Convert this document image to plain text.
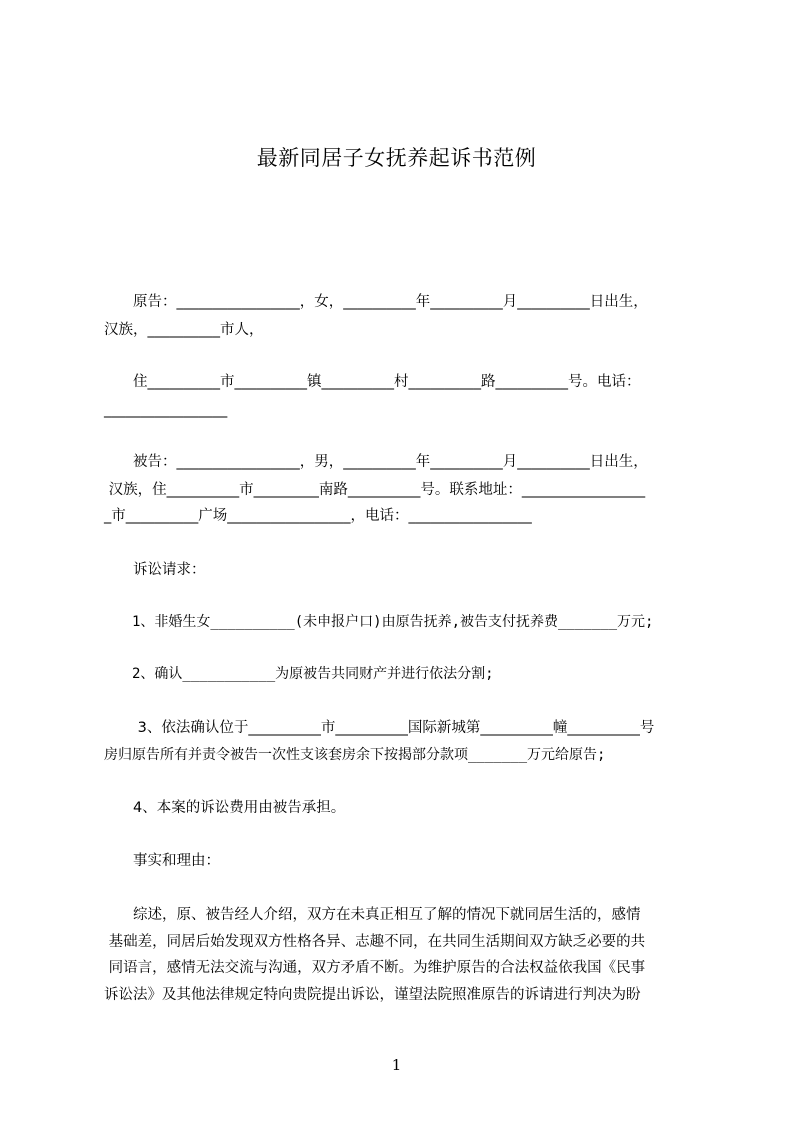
最新同居子女抚养起诉书范例
　　原告：_________________，女，__________年__________月__________日出生，
汉族，__________市人，
　　住__________市__________镇__________村__________路__________号。电话：
_________________
　　被告：_________________，男，__________年__________月__________日出生，
汉族，住__________市_________南路__________号。联系地址：_________________
_市__________广场_________________，电话：_________________
　　诉讼请求：
　　1、非婚生女__________(未申报户口)由原告抚养,被告支付抚养费_______万元;
　　2、确认___________为原被告共同财产并进行依法分割;
　　3、依法确认位于__________市__________国际新城第__________幢__________号
房归原告所有并责令被告一次性支该套房余下按揭部分款项_______万元给原告;
　　4、本案的诉讼费用由被告承担。
　　事实和理由：
　　综述，原、被告经人介绍，双方在未真正相互了解的情况下就同居生活的，感情
基础差，同居后始发现双方性格各异、志趣不同，在共同生活期间双方缺乏必要的共
同语言，感情无法交流与沟通，双方矛盾不断。为维护原告的合法权益依我国《民事
诉讼法》及其他法律规定特向贵院提出诉讼，谨望法院照准原告的诉请进行判决为盼
1
